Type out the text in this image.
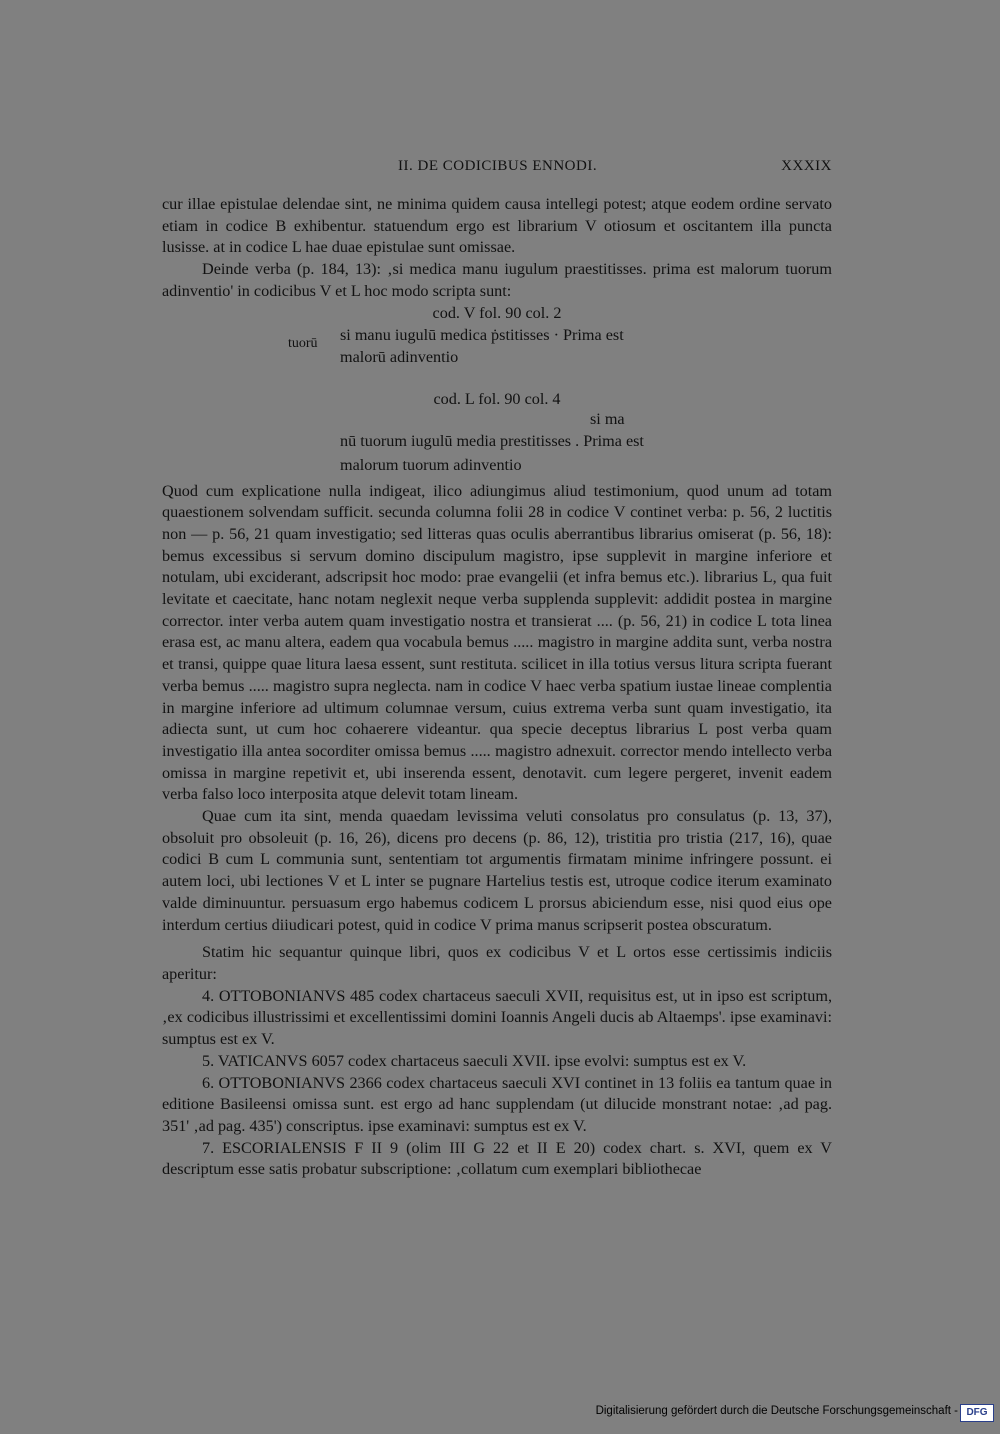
II. DE CODICIBUS ENNODI.	XXXIX

cur illae epistulae delendae sint, ne minima quidem causa intellegi potest; atque eodem ordine servato etiam in codice B exhibentur. statuendum ergo est librarium V otiosum et oscitantem illa puncta lusisse. at in codice L hae duae epistulae sunt omissae.

Deinde verba (p. 184, 13): ‚si medica manu iugulum praestitisses. prima est malorum tuorum adinventio' in codicibus V et L hoc modo scripta sunt:

cod. V fol. 90 col. 2
tuorū si manu iugulū medica ṗstitisses · Prima est
malorū adinventio
cod. L fol. 90 col. 4
si ma
nū tuorum iugulū media prestitisses . Prima est
malorum tuorum adinventio

Quod cum explicatione nulla indigeat, ilico adiungimus aliud testimonium, quod unum ad totam quaestionem solvendam sufficit. secunda columna folii 28 in codice V continet verba: p. 56, 2 luctitis non — p. 56, 21 quam investigatio; sed litteras quas oculis aberrantibus librarius omiserat (p. 56, 18): bemus excessibus si servum domino discipulum magistro, ipse supplevit in margine inferiore et notulam, ubi exciderant, adscripsit hoc modo: prae evangelii (et infra bemus etc.). librarius L, qua fuit levitate et caecitate, hanc notam neglexit neque verba supplenda supplevit: addidit postea in margine corrector. inter verba autem quam investigatio nostra et transierat .... (p. 56, 21) in codice L tota linea erasa est, ac manu altera, eadem qua vocabula bemus ..... magistro in margine addita sunt, verba nostra et transi, quippe quae litura laesa essent, sunt restituta. scilicet in illa totius versus litura scripta fuerant verba bemus ..... magistro supra neglecta. nam in codice V haec verba spatium iustae lineae complentia in margine inferiore ad ultimum columnae versum, cuius extrema verba sunt quam investigatio, ita adiecta sunt, ut cum hoc cohaerere videantur. qua specie deceptus librarius L post verba quam investigatio illa antea socorditer omissa bemus ..... magistro adnexuit. corrector mendo intellecto verba omissa in margine repetivit et, ubi inserenda essent, denotavit. cum legere pergeret, invenit eadem verba falso loco interposita atque delevit totam lineam.

Quae cum ita sint, menda quaedam levissima veluti consolatus pro consulatus (p. 13, 37), obsoluit pro obsoleuit (p. 16, 26), dicens pro decens (p. 86, 12), tristitia pro tristia (217, 16), quae codici B cum L communia sunt, sententiam tot argumentis firmatam minime infringere possunt. ei autem loci, ubi lectiones V et L inter se pugnare Hartelius testis est, utroque codice iterum examinato valde diminuuntur. persuasum ergo habemus codicem L prorsus abiciendum esse, nisi quod eius ope interdum certius diiudicari potest, quid in codice V prima manus scripserit postea obscuratum.

Statim hic sequantur quinque libri, quos ex codicibus V et L ortos esse certissimis indiciis aperitur:

4. OTTOBONIANVS 485 codex chartaceus saeculi XVII, requisitus est, ut in ipso est scriptum, ‚ex codicibus illustrissimi et excellentissimi domini Ioannis Angeli ducis ab Altaemps'. ipse examinavi: sumptus est ex V.

5. VATICANVS 6057 codex chartaceus saeculi XVII. ipse evolvi: sumptus est ex V.

6. OTTOBONIANVS 2366 codex chartaceus saeculi XVI continet in 13 foliis ea tantum quae in editione Basileensi omissa sunt. est ergo ad hanc supplendam (ut dilucide monstrant notae: ‚ad pag. 351' ‚ad pag. 435') conscriptus. ipse examinavi: sumptus est ex V.

7. ESCORIALENSIS F II 9 (olim III G 22 et II E 20) codex chart. s. XVI, quem ex V descriptum esse satis probatur subscriptione: ‚collatum cum exemplari bibliothecae

Digitalisierung gefördert durch die Deutsche Forschungsgemeinschaft - DFG
